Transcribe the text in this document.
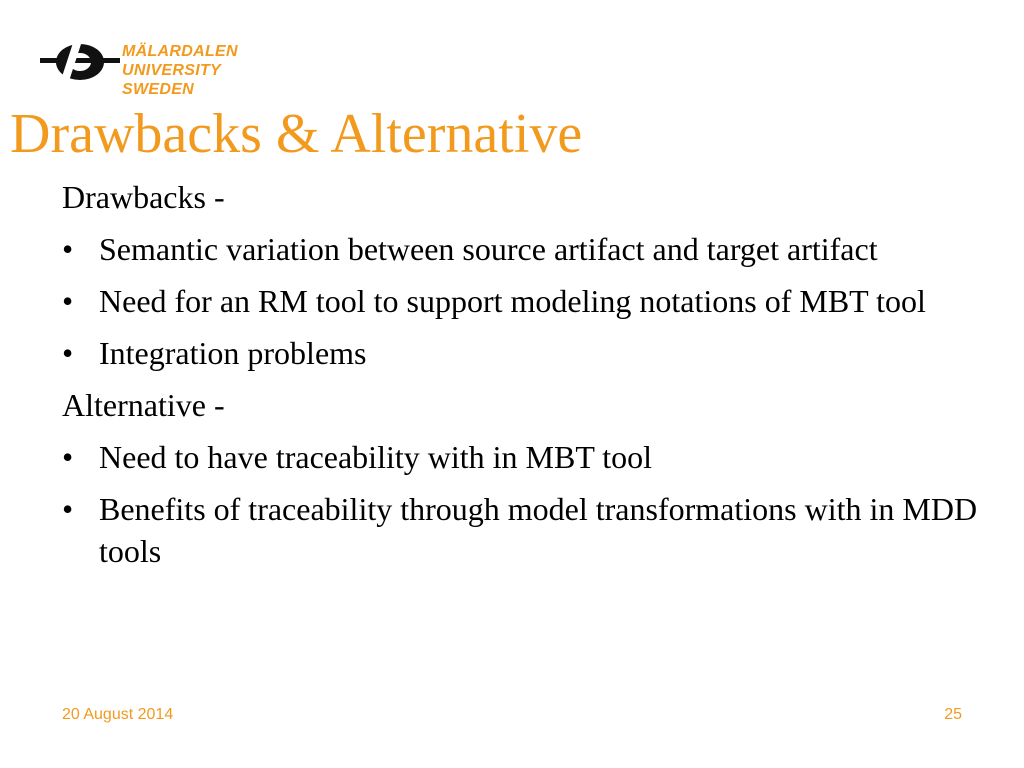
MÄLARDALEN UNIVERSITY
SWEDEN
Drawbacks & Alternative

Drawbacks -

• Semantic variation between source artifact and target artifact
• Need for an RM tool to support modeling notations of MBT tool
• Integration problems

Alternative -

• Need to have traceability with in MBT tool
• Benefits of traceability through model transformations with in MDD tools
20 August 2014	25
